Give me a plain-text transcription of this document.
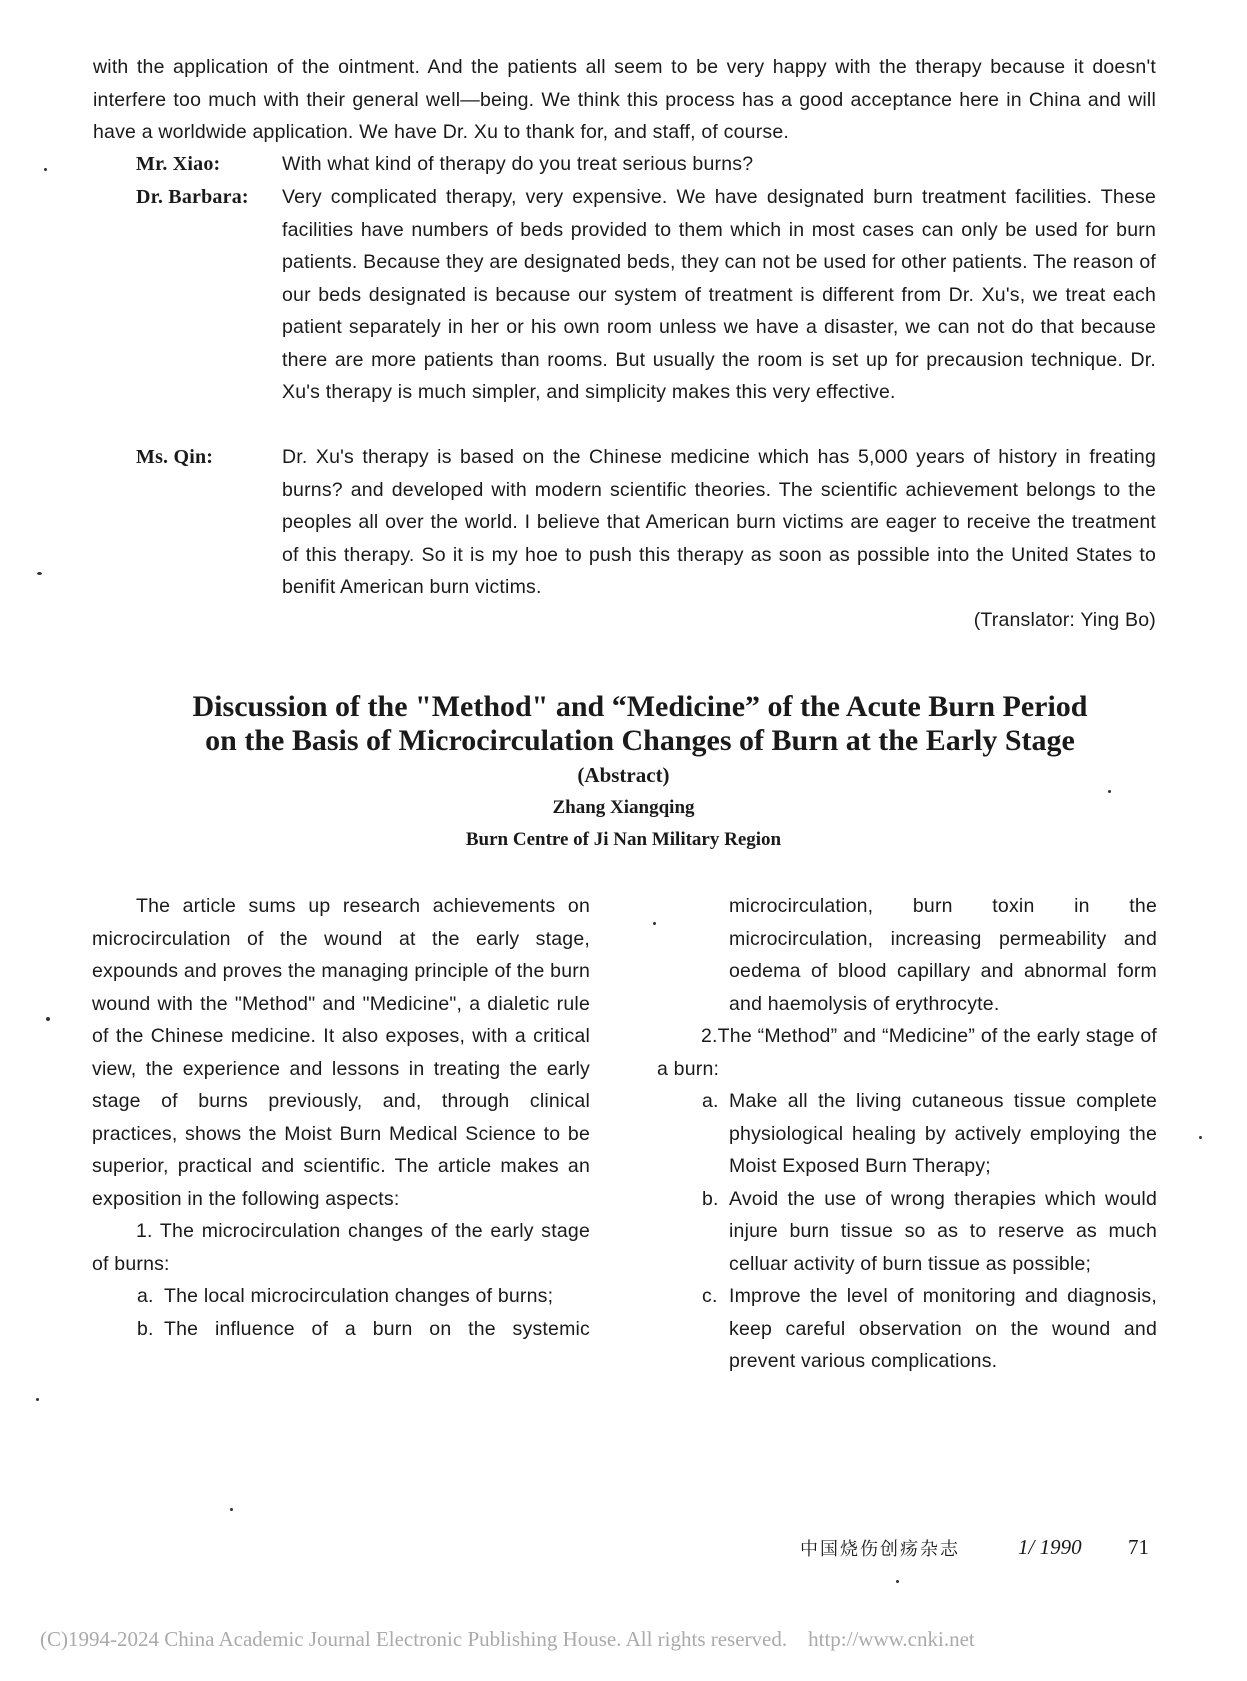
with the application of the ointment. And the patients all seem to be very happy with the therapy because it doesn't interfere too much with their general well—being. We think this process has a good acceptance here in China and will have a worldwide application. We have Dr. Xu to thank for, and staff, of course.

Mr. Xiao:	With what kind of therapy do you treat serious burns?

Dr. Barbara:	Very complicated therapy, very expensive. We have designated burn treatment facilities. These facilities have numbers of beds provided to them which in most cases can only be used for burn patients. Because they are designated beds, they can not be used for other patients. The reason of our beds designated is because our system of treatment is different from Dr. Xu's, we treat each patient separately in her or his own room unless we have a disaster, we can not do that because there are more patients than rooms. But usually the room is set up for precausion technique. Dr. Xu's therapy is much simpler, and simplicity makes this very effective.

Ms. Qin:	Dr. Xu's therapy is based on the Chinese medicine which has 5,000 years of history in freating burns? and developed with modern scientific theories. The scientific achievement belongs to the peoples all over the world. I believe that American burn victims are eager to receive the treatment of this therapy. So it is my hoe to push this therapy as soon as possible into the United States to benifit American burn victims.

(Translator: Ying Bo)
Discussion of the "Method" and “Medicine” of the Acute Burn Period
on the Basis of Microcirculation Changes of Burn at the Early Stage
(Abstract)
Zhang Xiangqing
Burn Centre of Ji Nan Military Region

The article sums up research achievements on microcirculation of the wound at the early stage, expounds and proves the managing principle of the burn wound with the "Method" and "Medicine", a dialetic rule of the Chinese medicine. It also exposes, with a critical view, the experience and lessons in treating the early stage of burns previously, and, through clinical practices, shows the Moist Burn Medical Science to be superior, practical and scientific. The article makes an exposition in the following aspects:

1. The microcirculation changes of the early stage of burns:

a. The local microcirculation changes of burns;
b. The influence of a burn on the systemic

microcirculation, burn toxin in the microcirculation, increasing permeability and oedema of blood capillary and abnormal form and haemolysis of erythrocyte.

2.The “Method” and “Medicine” of the early stage of a burn:

a. Make all the living cutaneous tissue complete physiological healing by actively employing the Moist Exposed Burn Therapy;
b. Avoid the use of wrong therapies which would injure burn tissue so as to reserve as much celluar activity of burn tissue as possible;
c. Improve the level of monitoring and diagnosis, keep careful observation on the wound and prevent various complications.
中国烧伤创疡杂志	1/ 1990 71
(C)1994-2024 China Academic Journal Electronic Publishing House. All rights reserved.    http://www.cnki.net
